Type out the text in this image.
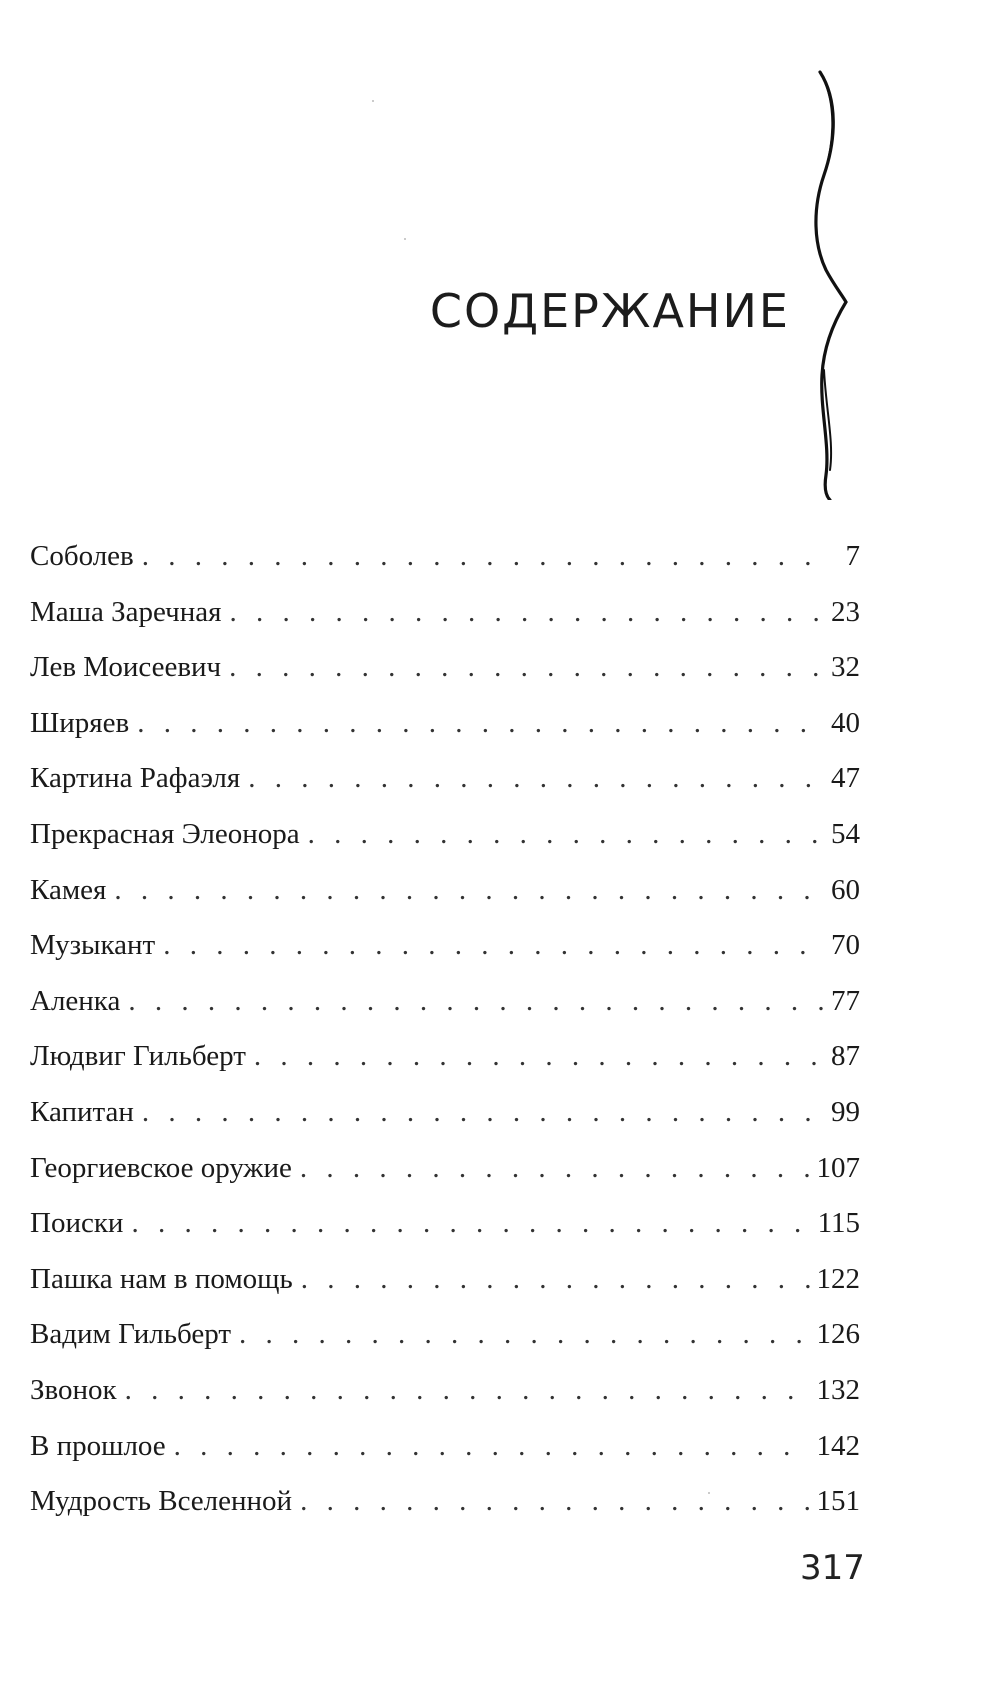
СОДЕРЖАНИЕ
Соболев . . .	7
Маша Заречная . . .	23
Лев Моисеевич . . .	32
Ширяев . . .	40
Картина Рафаэля . . .	47
Прекрасная Элеонора . . .	54
Камея . . .	60
Музыкант . . .	70
Аленка . . .	77
Людвиг Гильберт . . .	87
Капитан . . .	99
Георгиевское оружие . . .	107
Поиски . . .	115
Пашка нам в помощь . . .	122
Вадим Гильберт . . .	126
Звонок . . .	132
В прошлое . . .	142
Мудрость Вселенной . . .	151
317
